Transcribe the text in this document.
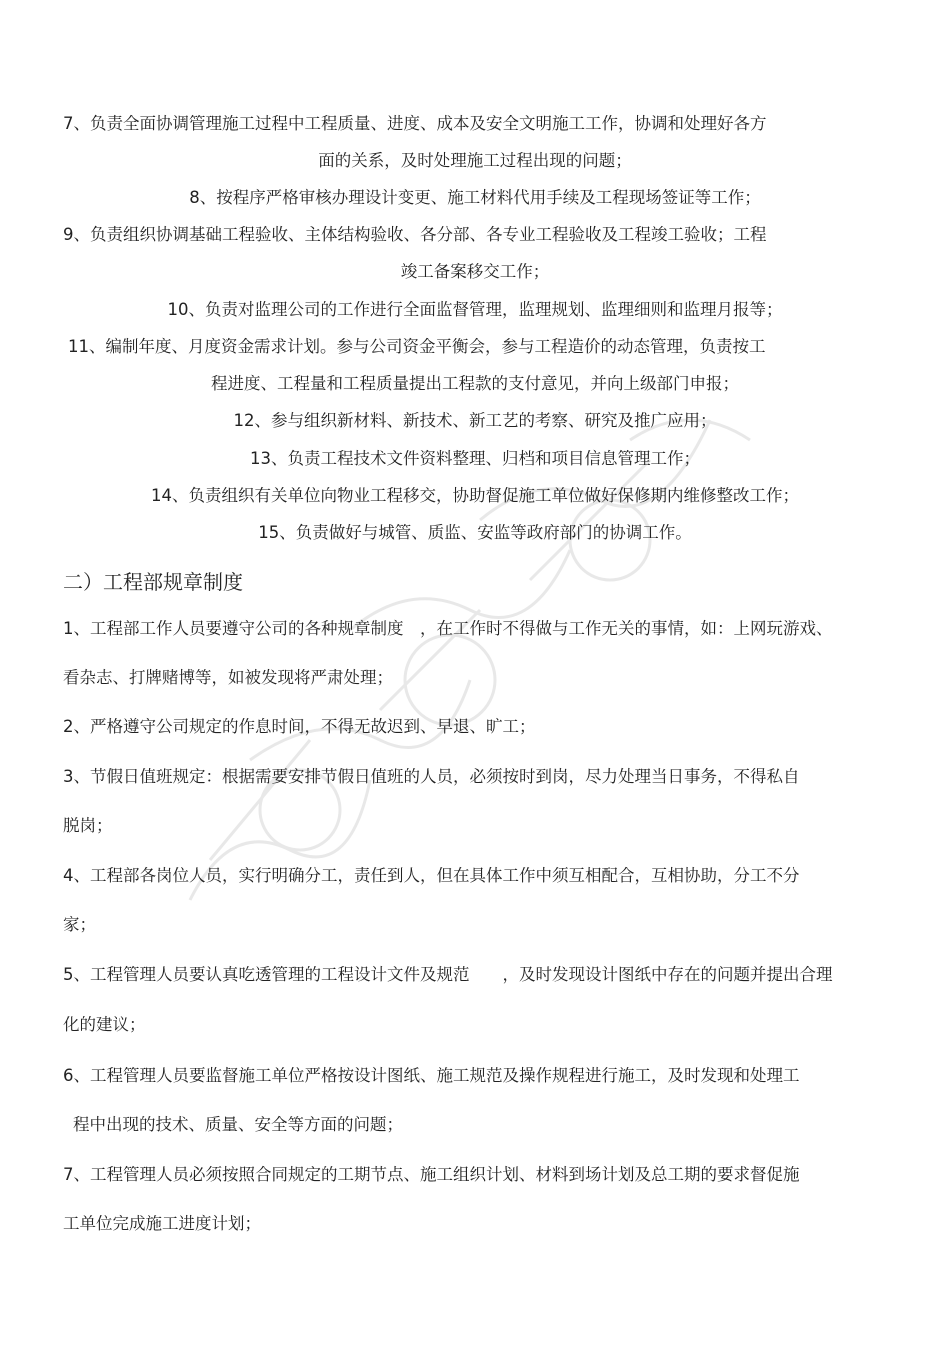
7、负责全面协调管理施工过程中工程质量、进度、成本及安全文明施工工作，协调和处理好各方
面的关系，及时处理施工过程出现的问题；
8、按程序严格审核办理设计变更、施工材料代用手续及工程现场签证等工作；
9、负责组织协调基础工程验收、主体结构验收、各分部、各专业工程验收及工程竣工验收；工程
竣工备案移交工作；
10、负责对监理公司的工作进行全面监督管理，监理规划、监理细则和监理月报等；
11、编制年度、月度资金需求计划。参与公司资金平衡会，参与工程造价的动态管理，负责按工
程进度、工程量和工程质量提出工程款的支付意见，并向上级部门申报；
12、参与组织新材料、新技术、新工艺的考察、研究及推广应用；
13、负责工程技术文件资料整理、归档和项目信息管理工作；
14、负责组织有关单位向物业工程移交，协助督促施工单位做好保修期内维修整改工作；
15、负责做好与城管、质监、安监等政府部门的协调工作。
二）工程部规章制度
1、工程部工作人员要遵守公司的各种规章制度　，在工作时不得做与工作无关的事情，如：上网玩游戏、
看杂志、打牌赌博等，如被发现将严肃处理；
2、严格遵守公司规定的作息时间，不得无故迟到、早退、旷工；
3、节假日值班规定：根据需要安排节假日值班的人员，必须按时到岗，尽力处理当日事务，不得私自
脱岗；
4、工程部各岗位人员，实行明确分工，责任到人，但在具体工作中须互相配合，互相协助，分工不分
家；
5、工程管理人员要认真吃透管理的工程设计文件及规范　　，及时发现设计图纸中存在的问题并提出合理
化的建议；
6、工程管理人员要监督施工单位严格按设计图纸、施工规范及操作规程进行施工，及时发现和处理工
程中出现的技术、质量、安全等方面的问题；
7、工程管理人员必须按照合同规定的工期节点、施工组织计划、材料到场计划及总工期的要求督促施
工单位完成施工进度计划；
